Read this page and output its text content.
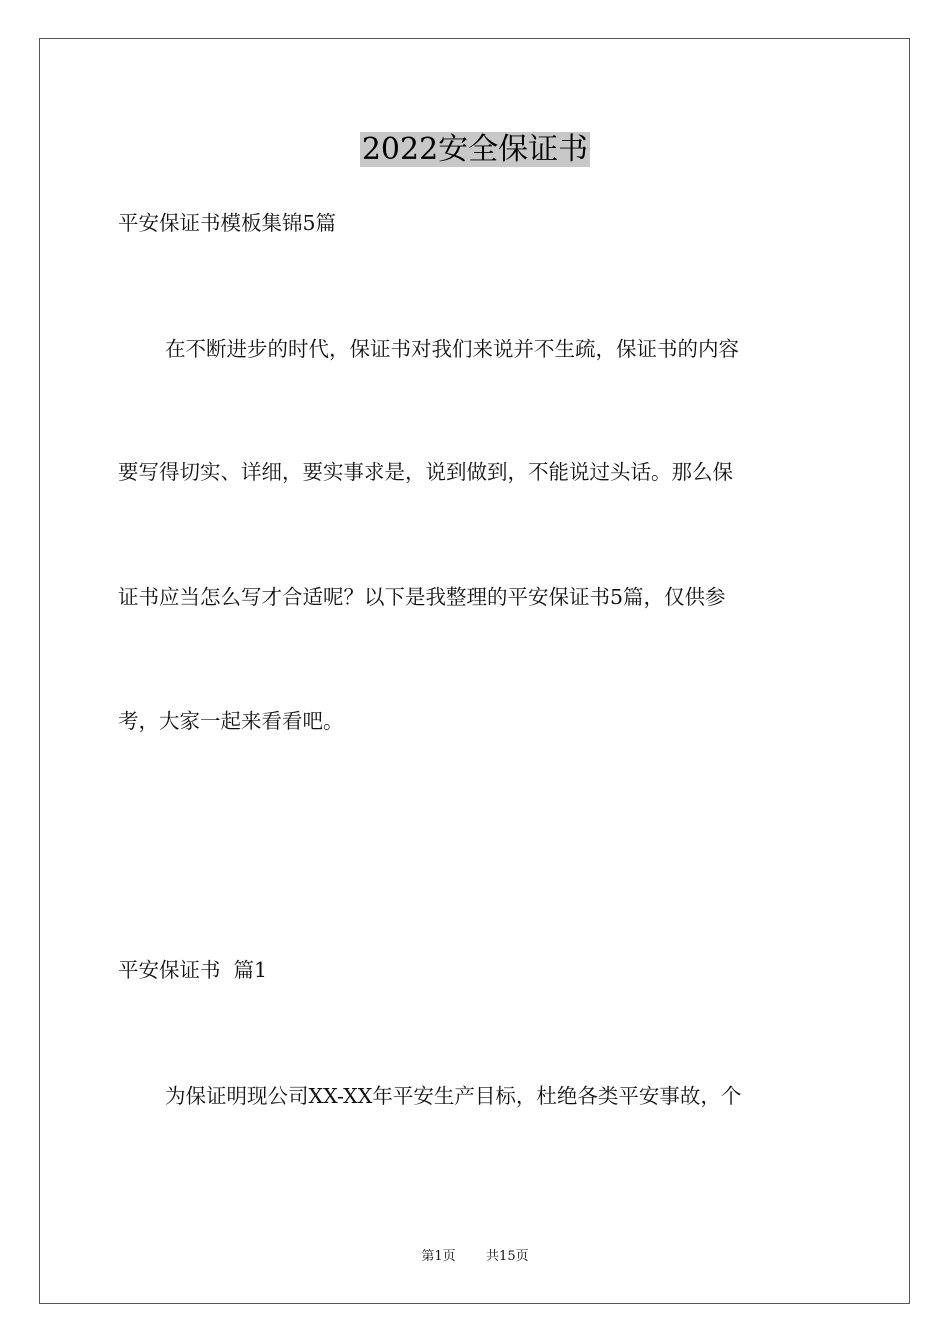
2022安全保证书
平安保证书模板集锦5篇
在不断进步的时代，保证书对我们来说并不生疏，保证书的内容
要写得切实、详细，要实事求是，说到做到，不能说过头话。那么保
证书应当怎么写才合适呢？以下是我整理的平安保证书5篇，仅供参
考，大家一起来看看吧。
平安保证书  篇1
为保证明现公司XX-XX年平安生产目标，杜绝各类平安事故，个
第1页   共15页
